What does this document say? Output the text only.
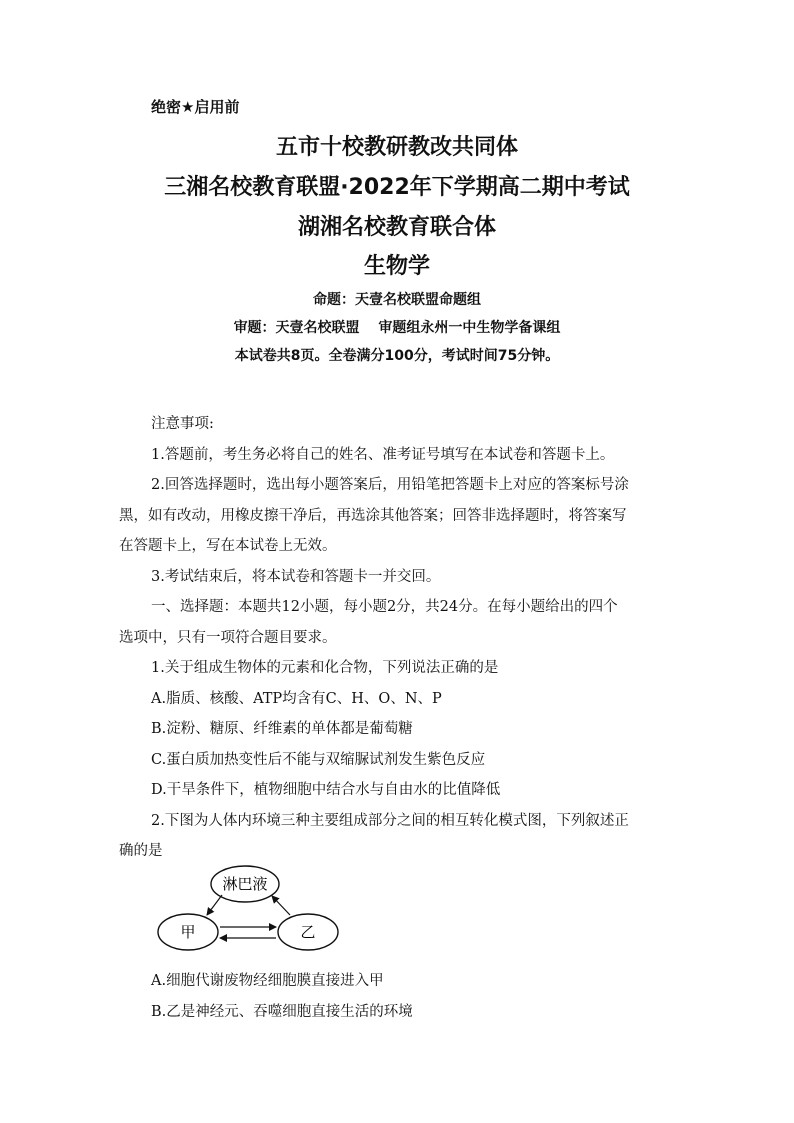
绝密★启用前
五市十校教研教改共同体
三湘名校教育联盟·2022年下学期高二期中考试
湖湘名校教育联合体
生物学
命题：天壹名校联盟命题组
审题：天壹名校联盟　 审题组永州一中生物学备课组
本试卷共8页。全卷满分100分，考试时间75分钟。

注意事项:

1.答题前，考生务必将自己的姓名、准考证号填写在本试卷和答题卡上。

2.回答选择题时，选出每小题答案后，用铅笔把答题卡上对应的答案标号涂

黑，如有改动，用橡皮擦干净后，再选涂其他答案；回答非选择题时，将答案写

在答题卡上，写在本试卷上无效。

3.考试结束后，将本试卷和答题卡一并交回。

一、选择题：本题共12小题，每小题2分，共24分。在每小题给出的四个

选项中，只有一项符合题目要求。

1.关于组成生物体的元素和化合物，下列说法正确的是

A.脂质、核酸、ATP均含有C、H、O、N、P

B.淀粉、糖原、纤维素的单体都是葡萄糖

C.蛋白质加热变性后不能与双缩脲试剂发生紫色反应

D.干旱条件下，植物细胞中结合水与自由水的比值降低

2.下图为人体内环境三种主要组成部分之间的相互转化模式图，下列叙述正

确的是

淋巴液
甲	乙

A.细胞代谢废物经细胞膜直接进入甲

B.乙是神经元、吞噬细胞直接生活的环境
